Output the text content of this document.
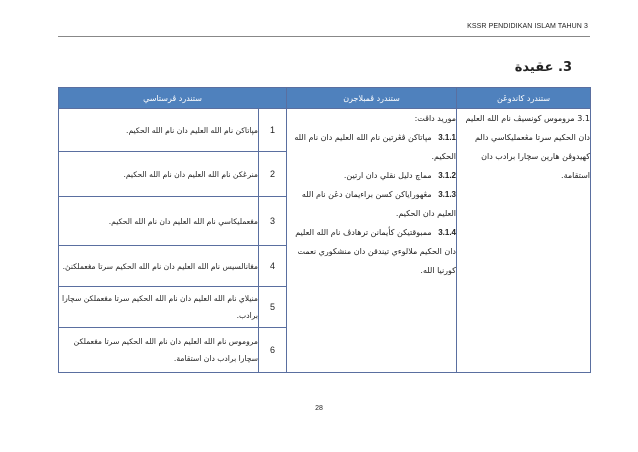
KSSR PENDIDIKAN ISLAM TAHUN 3
3. عقيدة
ستندرد کاندوڠن	ستندرد ڤمبلاجرن	ستندرد ڤرستاسي	
3.1 مروموس کونسيڤ نام الله العليم دان الحكيم سرتا مڠعمليکاسي دالم کهيدوڤن هارين سچارا برادب دان استقامة.	موريد داڤت:
3.1.1 مڽاتاکن ڤڠرتين نام الله العليم دان نام الله الحكيم.
3.1.2 مماچ دليل نقلي دان ارتين.
3.1.3 مڠهوراياکن کسن براءيمان دڠن نام الله العليم دان الحكيم.
3.1.4 ممبوقتيکن کأيمانن ترهادڤ نام الله العليم دان الحكيم ملالوءي تيندقن دان منشکوري نعمت کورنيا الله.	1	مڽاتاکن نام الله العليم دان نام الله الحكيم.
		2	منرڠکن نام الله العليم دان نام الله الحكيم.
		3	مڠعمليکاسي نام الله العليم دان نام الله الحكيم.
		4	مڠانالسيس نام الله العليم دان نام الله الحكيم سرتا مڠعملکنڽ.
		5	منيلاي نام الله العليم دان نام الله الحكيم سرتا مڠعملکن سچارا برادب.
		6	مروموس نام الله العليم دان نام الله الحكيم سرتا مڠعملکن سچارا برادب دان استقامة.
28
